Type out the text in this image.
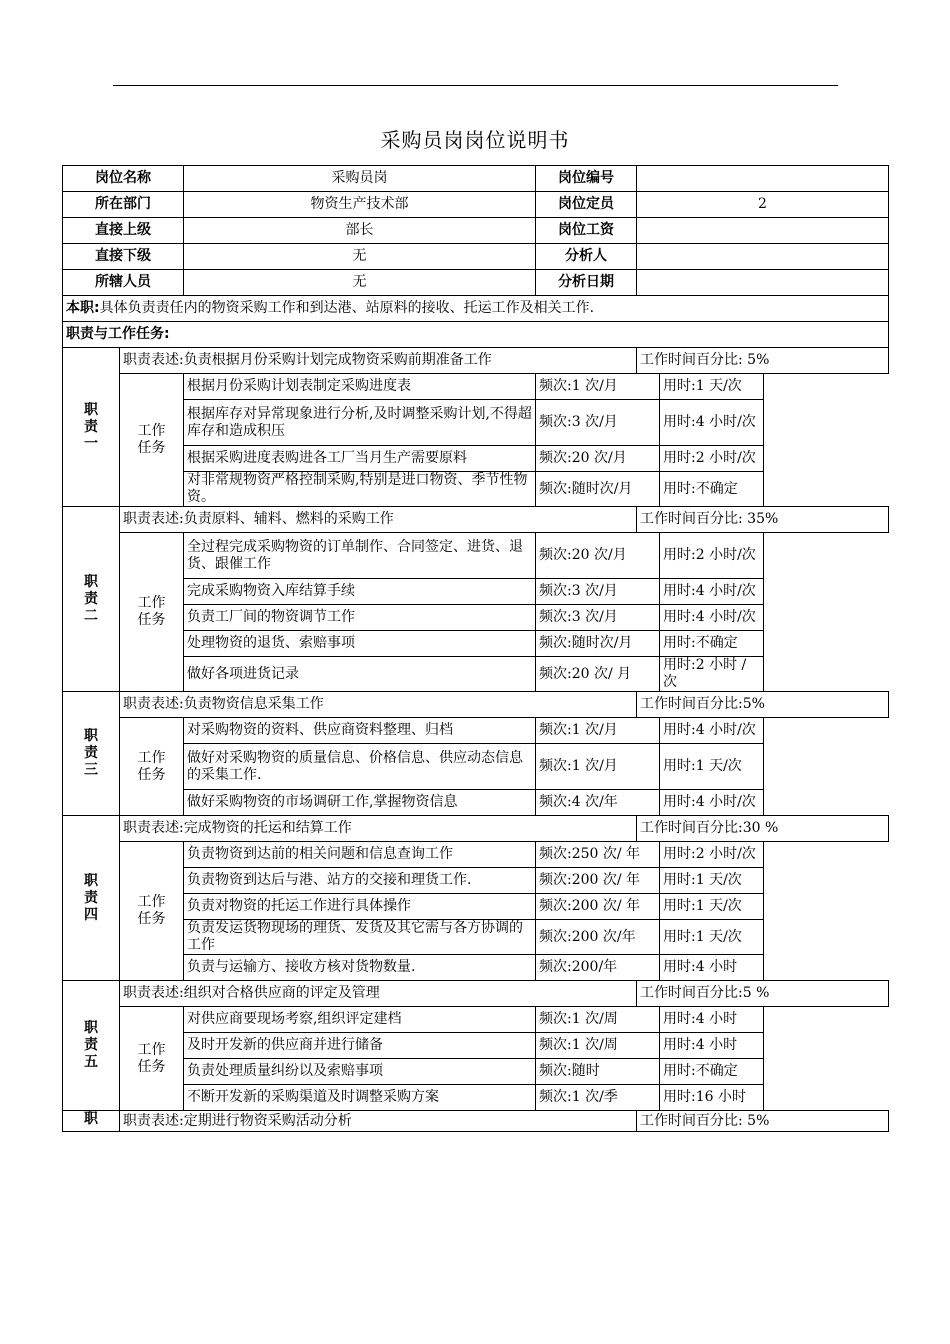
采购员岗岗位说明书
岗位名称		采购员岗	岗位编号		
所在部门		物资生产技术部	岗位定员	2	
直接上级		部长	岗位工资		
直接下级		无	分析人		
所辖人员		无	分析日期		
本职:具体负责责任内的物资采购工作和到达港、站原料的接收、托运工作及相关工作.					
职责与工作任务:					

职
责
一	职责表述:负责根据月份采购计划完成物资采购前期准备工作			工作时间百分比: 5%	

	工作
任务	根据月份采购计划表制定采购进度表	频次:1 次/月		用时:1 天/次
		根据库存对异常现象进行分析,及时调整采购计划,不得超库存和造成积压	频次:3 次/月		用时:4 小时/次
		根据采购进度表购进各工厂当月生产需要原料	频次:20 次/月		用时:2 小时/次
		对非常规物资严格控制采购,特别是进口物资、季节性物资。	频次:随时次/月		用时:不确定

职
责
二	职责表述:负责原料、辅料、燃料的采购工作			工作时间百分比: 35%	

	工作
任务	全过程完成采购物资的订单制作、合同签定、进货、退货、跟催工作	频次:20 次/月		用时:2 小时/次
		完成采购物资入库结算手续	频次:3 次/月		用时:4 小时/次
		负责工厂间的物资调节工作	频次:3 次/月		用时:4 小时/次
		处理物资的退货、索赔事项	频次:随时次/月		用时:不确定
		做好各项进货记录	频次:20 次/ 月		用时:2 小时 /次

职
责
三	职责表述:负责物资信息采集工作			工作时间百分比:5%	

	工作
任务	对采购物资的资料、供应商资料整理、归档	频次:1 次/月		用时:4 小时/次
		做好对采购物资的质量信息、价格信息、供应动态信息的采集工作.	频次:1 次/月		用时:1 天/次
		做好采购物资的市场调研工作,掌握物资信息	频次:4 次/年		用时:4 小时/次

职
责
四	职责表述:完成物资的托运和结算工作			工作时间百分比:30 %	

	工作
任务	负责物资到达前的相关问题和信息查询工作	频次:250 次/ 年		用时:2 小时/次
		负责物资到达后与港、站方的交接和理货工作.	频次:200 次/ 年		用时:1 天/次
		负责对物资的托运工作进行具体操作	频次:200 次/ 年		用时:1 天/次
		负责发运货物现场的理货、发货及其它需与各方协调的工作	频次:200 次/年		用时:1 天/次
		负责与运输方、接收方核对货物数量.	频次:200/年		用时:4 小时

职
责
五	职责表述:组织对合格供应商的评定及管理			工作时间百分比:5 %	

	工作
任务	对供应商要现场考察,组织评定建档	频次:1 次/周		用时:4 小时
		及时开发新的供应商并进行储备	频次:1 次/周		用时:4 小时
		负责处理质量纠纷以及索赔事项	频次:随时		用时:不确定
		不断开发新的采购渠道及时调整采购方案	频次:1 次/季		用时:16 小时

职	职责表述:定期进行物资采购活动分析			工作时间百分比: 5%	
